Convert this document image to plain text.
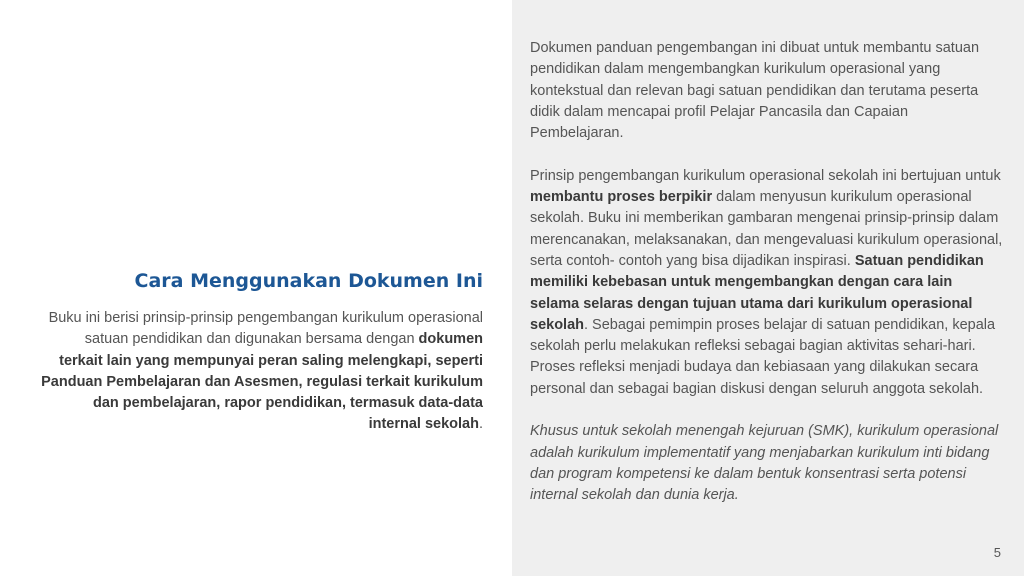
Cara Menggunakan Dokumen Ini

Buku ini berisi prinsip-prinsip pengembangan kurikulum operasional satuan pendidikan dan digunakan bersama dengan dokumen terkait lain yang mempunyai peran saling melengkapi, seperti Panduan Pembelajaran dan Asesmen, regulasi terkait kurikulum dan pembelajaran, rapor pendidikan, termasuk data-data internal sekolah.

Dokumen panduan pengembangan ini dibuat untuk membantu satuan pendidikan dalam mengembangkan kurikulum operasional yang kontekstual dan relevan bagi satuan pendidikan dan terutama peserta didik dalam mencapai profil Pelajar Pancasila dan Capaian Pembelajaran.

Prinsip pengembangan kurikulum operasional sekolah ini bertujuan untuk membantu proses berpikir dalam menyusun kurikulum operasional sekolah. Buku ini memberikan gambaran mengenai prinsip-prinsip dalam merencanakan, melaksanakan, dan mengevaluasi kurikulum operasional, serta contoh- contoh yang bisa dijadikan inspirasi. Satuan pendidikan memiliki kebebasan untuk mengembangkan dengan cara lain selama selaras dengan tujuan utama dari kurikulum operasional sekolah. Sebagai pemimpin proses belajar di satuan pendidikan, kepala sekolah perlu melakukan refleksi sebagai bagian aktivitas sehari-hari. Proses refleksi menjadi budaya dan kebiasaan yang dilakukan secara personal dan sebagai bagian diskusi dengan seluruh anggota sekolah.

Khusus untuk sekolah menengah kejuruan (SMK), kurikulum operasional adalah kurikulum implementatif yang menjabarkan kurikulum inti bidang dan program kompetensi ke dalam bentuk konsentrasi serta potensi internal sekolah dan dunia kerja.

5
